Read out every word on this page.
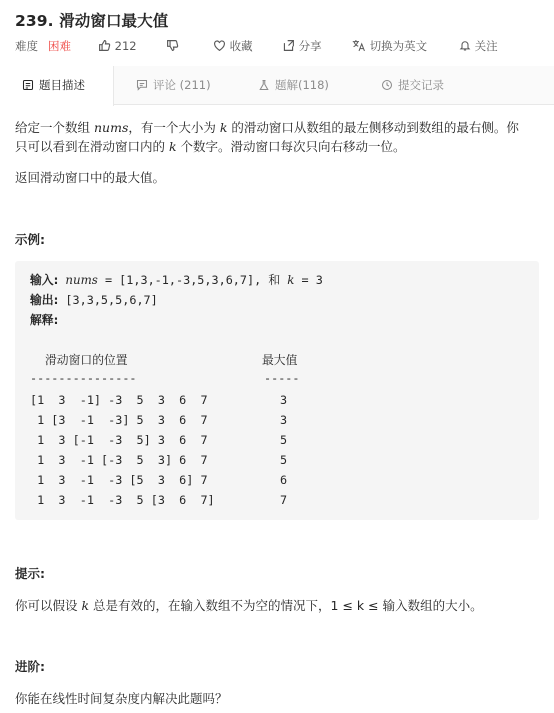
239. 滑动窗口最大值
难度 困难	212	收藏	分享	切换为英文	关注
题目描述	评论 (211)	题解(118)	提交记录
给定一个数组 nums，有一个大小为 k 的滑动窗口从数组的最左侧移动到数组的最右侧。你
只可以看到在滑动窗口内的 k 个数字。滑动窗口每次只向右移动一位。
返回滑动窗口中的最大值。
示例:
输入: nums = [1,3,-1,-3,5,3,6,7], 和 k = 3
输出: [3,3,5,5,6,7]
解释:
滑动窗口的位置	最大值
---------------	-----
[1  3  -1] -3  5  3  6  7	3
1 [3  -1  -3] 5  3  6  7	3
1  3 [-1  -3  5] 3  6  7	5
1  3  -1 [-3  5  3] 6  7	5
1  3  -1  -3 [5  3  6] 7	6
1  3  -1  -3  5 [3  6  7]	7
提示:
你可以假设 k 总是有效的，在输入数组不为空的情况下，1 ≤ k ≤ 输入数组的大小。
进阶:
你能在线性时间复杂度内解决此题吗？
